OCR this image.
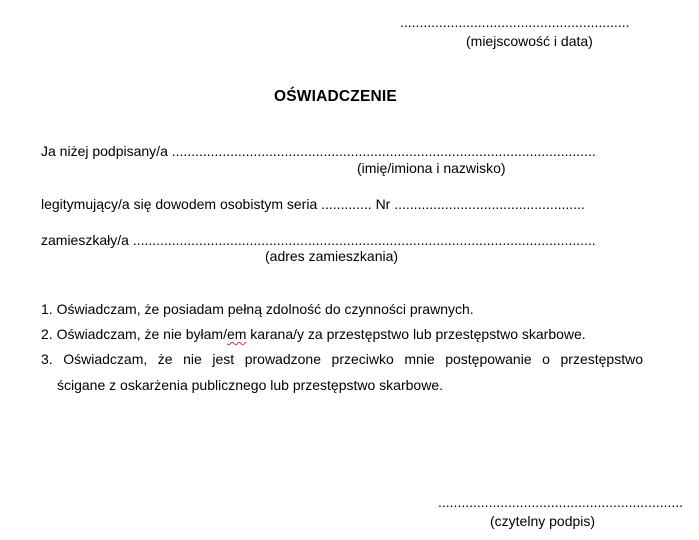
...........................................................
(miejscowość i data)
OŚWIADCZENIE
Ja niżej podpisany/a .............................................................................................................
(imię/imiona i nazwisko)
legitymujący/a się dowodem osobistym seria ............. Nr .................................................
zamieszkały/a .......................................................................................................................
(adres zamieszkania)
1. Oświadczam, że posiadam pełną zdolność do czynności prawnych.
2. Oświadczam, że nie byłam/em karana/y za przestępstwo lub przestępstwo skarbowe.
3. Oświadczam, że nie jest prowadzone przeciwko mnie postępowanie o przestępstwo
ścigane z oskarżenia publicznego lub przestępstwo skarbowe.
...............................................................
(czytelny podpis)
